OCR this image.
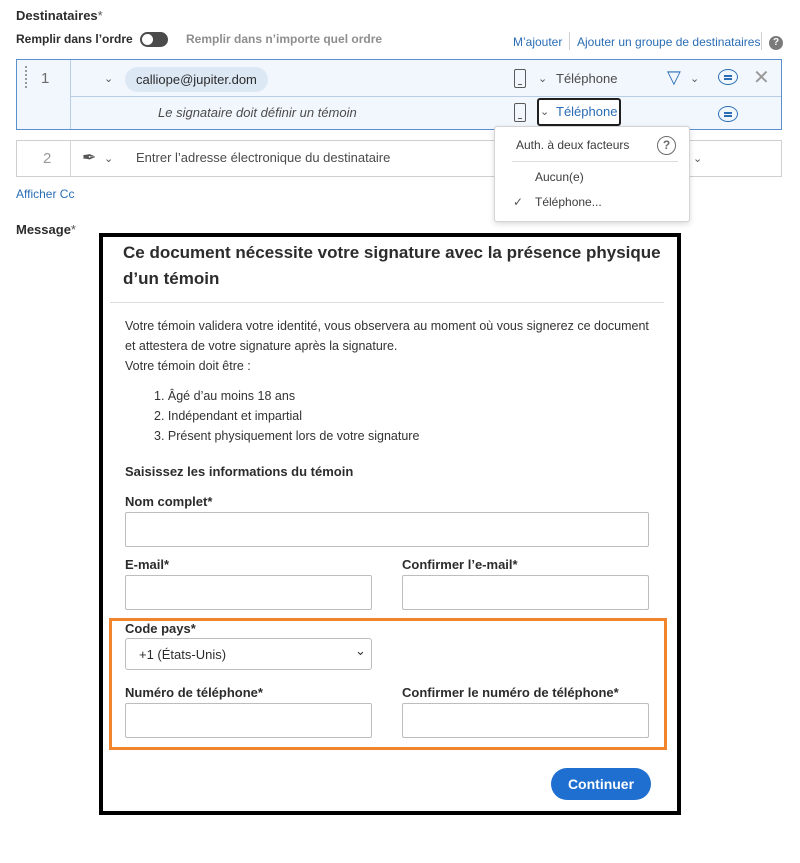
Destinataires*
Remplir dans l’ordre	Remplir dans n’importe quel ordre	M’ajouter Ajouter un groupe de destinataires	?
1	⌄	calliope@jupiter.dom	⌄ Téléphone	▽ ⌄	✕
Le signataire doit définir un témoin	⌄ Téléphone
2 ✒ ⌄ Entrer l’adresse électronique du destinataire	⌄
Afficher Cc
Message*
Auth. à deux facteurs	?
Aucun(e)
✓ Téléphone...
Ce document nécessite votre signature avec la présence physique d’un témoin
Votre témoin validera votre identité, vous observera au moment où vous signerez ce document
et attestera de votre signature après la signature.
Votre témoin doit être :
1. Âgé d’au moins 18 ans
2. Indépendant et impartial
3. Présent physiquement lors de votre signature
Saisissez les informations du témoin
Nom complet*
E-mail*	Confirmer l’e-mail*
Code pays*
+1 (États-Unis)	⌄
Numéro de téléphone*	Confirmer le numéro de téléphone*
Continuer
